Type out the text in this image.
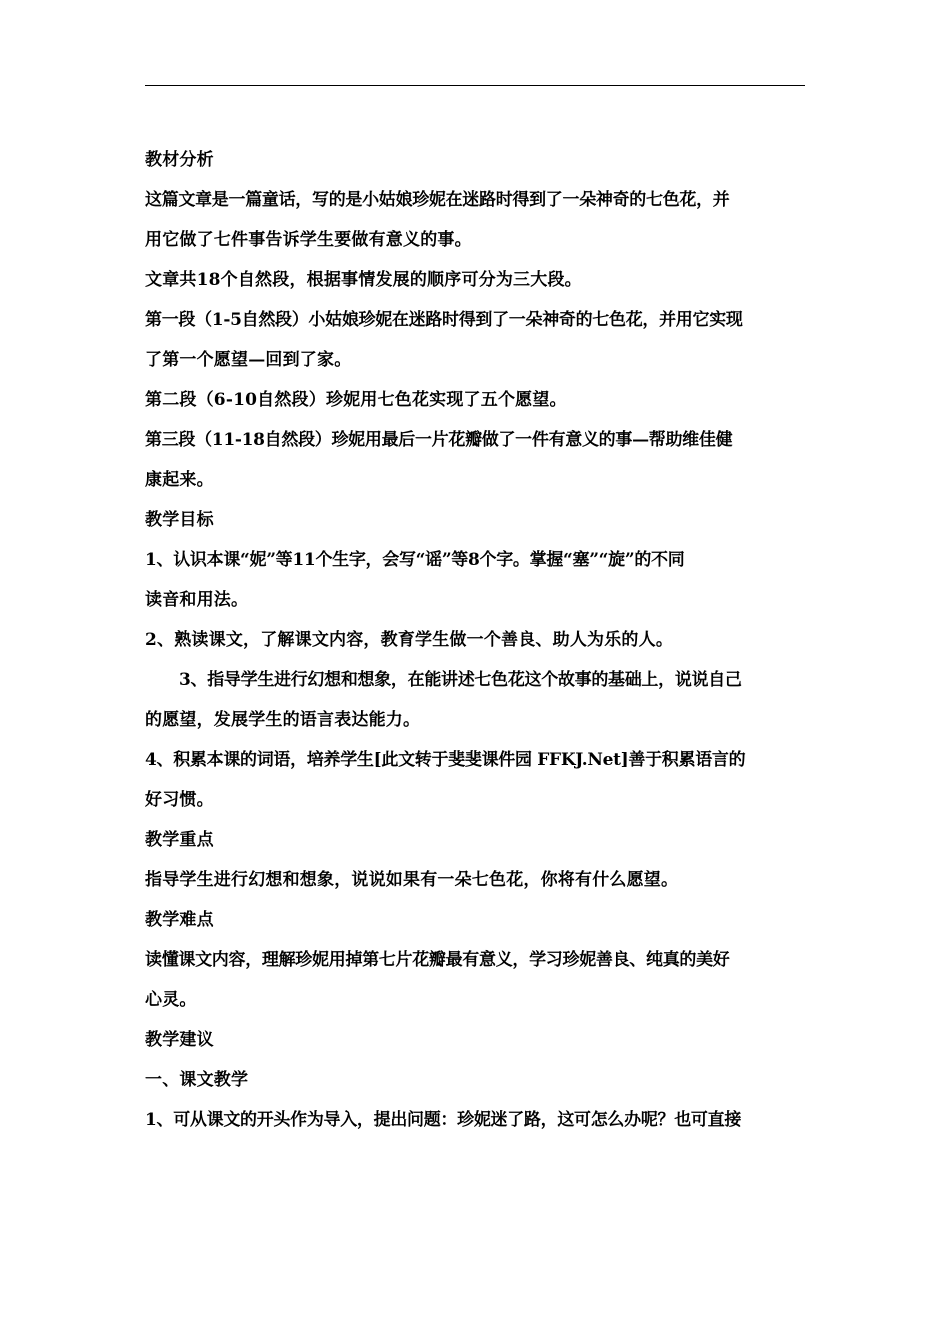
教材分析
这篇文章是一篇童话，写的是小姑娘珍妮在迷路时得到了一朵神奇的七色花，并
用它做了七件事告诉学生要做有意义的事。
文章共18个自然段，根据事情发展的顺序可分为三大段。
第一段（1-5自然段）小姑娘珍妮在迷路时得到了一朵神奇的七色花，并用它实现
了第一个愿望—回到了家。
第二段（6-10自然段）珍妮用七色花实现了五个愿望。
第三段（11-18自然段）珍妮用最后一片花瓣做了一件有意义的事—帮助维佳健
康起来。
教学目标
1、认识本课“妮”等11个生字，会写“谣”等8个字。掌握“塞”“旋”的不同
读音和用法。
2、熟读课文，了解课文内容，教育学生做一个善良、助人为乐的人。
3、指导学生进行幻想和想象，在能讲述七色花这个故事的基础上，说说自己
的愿望，发展学生的语言表达能力。
4、积累本课的词语，培养学生[此文转于斐斐课件园 FFKJ.Net]善于积累语言的
好习惯。
教学重点
指导学生进行幻想和想象，说说如果有一朵七色花，你将有什么愿望。
教学难点
读懂课文内容，理解珍妮用掉第七片花瓣最有意义，学习珍妮善良、纯真的美好
心灵。
教学建议
一、课文教学
1、可从课文的开头作为导入，提出问题：珍妮迷了路，这可怎么办呢？也可直接
